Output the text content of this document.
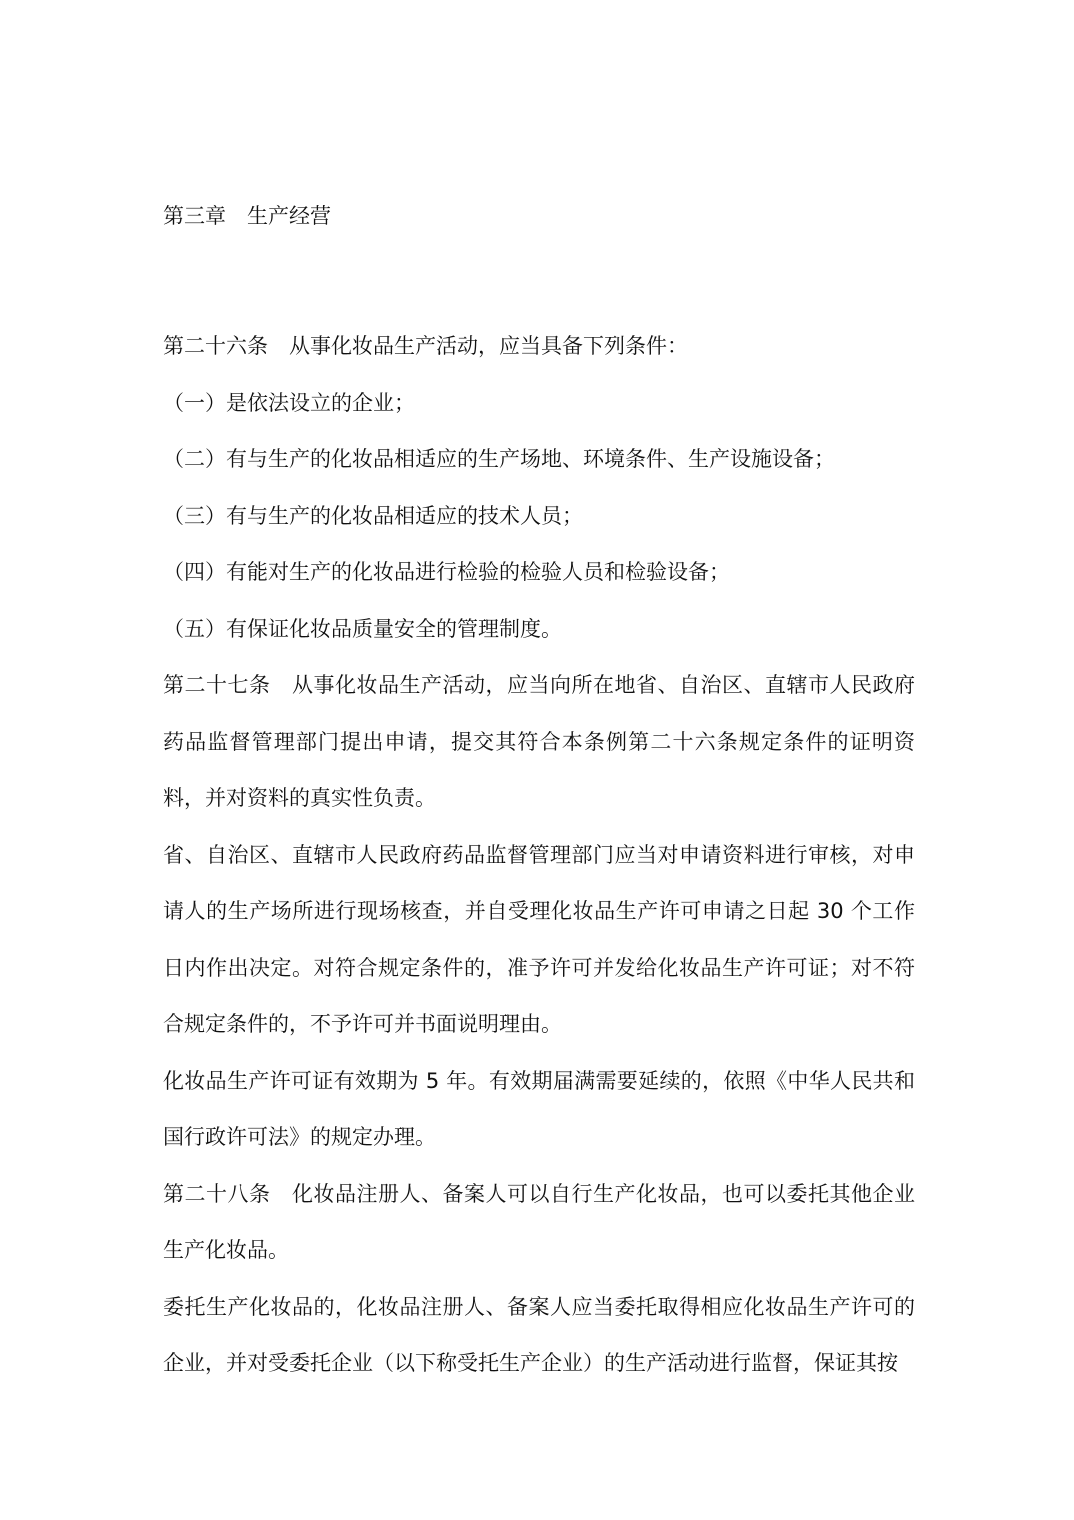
第三章　生产经营

第二十六条　从事化妆品生产活动，应当具备下列条件：

（一）是依法设立的企业；

（二）有与生产的化妆品相适应的生产场地、环境条件、生产设施设备；

（三）有与生产的化妆品相适应的技术人员；

（四）有能对生产的化妆品进行检验的检验人员和检验设备；

（五）有保证化妆品质量安全的管理制度。

第二十七条　从事化妆品生产活动，应当向所在地省、自治区、直辖市人民政府药品监督管理部门提出申请，提交其符合本条例第二十六条规定条件的证明资料，并对资料的真实性负责。

省、自治区、直辖市人民政府药品监督管理部门应当对申请资料进行审核，对申请人的生产场所进行现场核查，并自受理化妆品生产许可申请之日起 30 个工作日内作出决定。对符合规定条件的，准予许可并发给化妆品生产许可证；对不符合规定条件的，不予许可并书面说明理由。

化妆品生产许可证有效期为 5 年。有效期届满需要延续的，依照《中华人民共和国行政许可法》的规定办理。

第二十八条　化妆品注册人、备案人可以自行生产化妆品，也可以委托其他企业生产化妆品。

委托生产化妆品的，化妆品注册人、备案人应当委托取得相应化妆品生产许可的企业，并对受委托企业（以下称受托生产企业）的生产活动进行监督，保证其按
